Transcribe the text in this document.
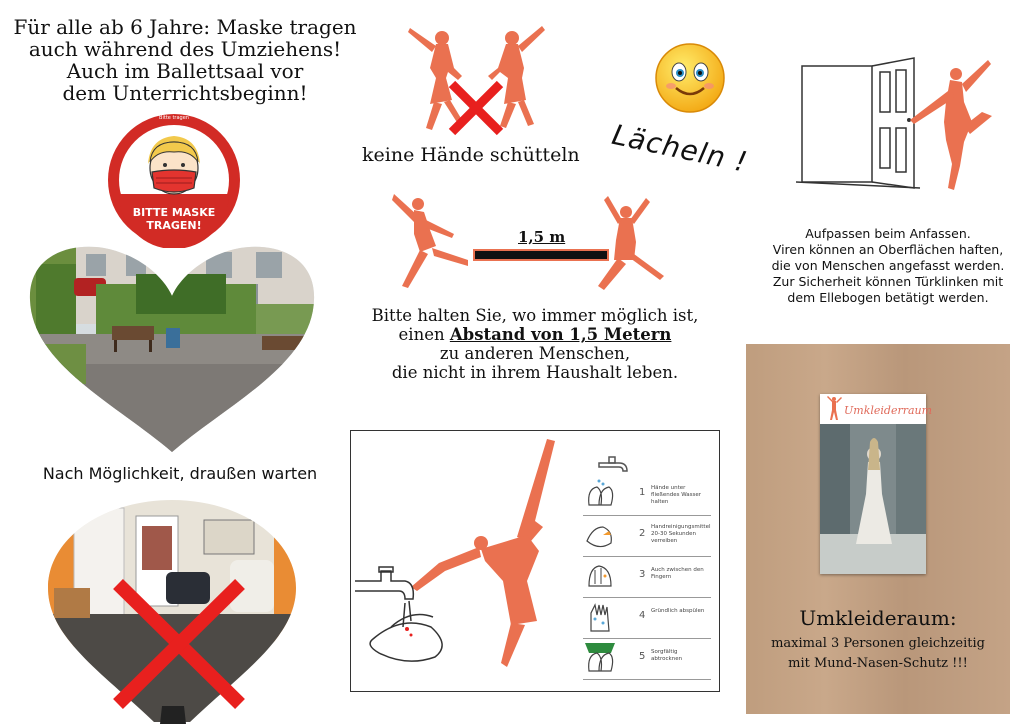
Für alle ab 6 Jahre: Maske tragen
auch während des Umziehens!
Auch im Ballettsaal vor
dem Unterrichtsbeginn!
Bitte tragen
BITTE MASKE
TRAGEN!
Nach Möglichkeit, draußen warten
keine Hände schütteln	Lächeln !
Aufpassen beim Anfassen.
Viren können an Oberflächen haften,
die von Menschen angefasst werden.
Zur Sicherheit können Türklinken mit
dem Ellebogen betätigt werden.
1,5 m
Bitte halten Sie, wo immer möglich ist,
einen Abstand von 1,5 Metern
zu anderen Menschen,
die nicht in ihrem Haushalt leben.
1 Hände unter fließendes Wasser halten
2
Handreinigungsmittel 20-30 Sekunden verreiben
3 Auch zwischen den Fingern
4 Gründlich abspülen
5 Sorgfältig abtrocknen
Umkleiderraum
Umkleideraum:
maximal 3 Personen gleichzeitig
mit Mund-Nasen-Schutz !!!
